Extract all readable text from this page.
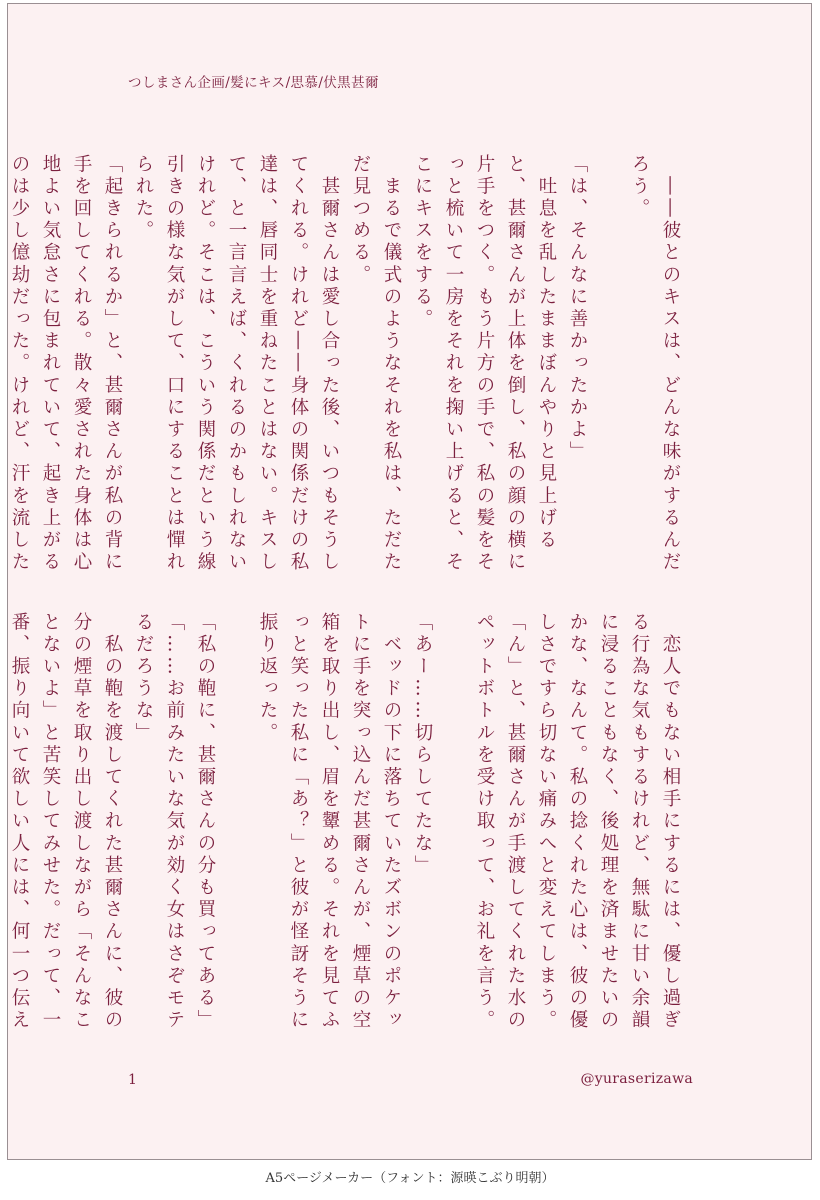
つしまさん企画/髪にキス/思慕/伏黒甚爾
　――彼とのキスは、どんな味がするんだろう。

「は、そんなに善かったかよ」
　吐息を乱したままぼんやりと見上げると、甚爾さんが上体を倒し、私の顔の横に片手をつく。もう片方の手で、私の髪をそっと梳いて一房をそれを掬い上げると、そこにキスをする。
　まるで儀式のようなそれを私は、ただただ見つめる。
　甚爾さんは愛し合った後、いつもそうしてくれる。けれど――身体の関係だけの私達は、唇同士を重ねたことはない。キスして、と一言言えば、くれるのかもしれないけれど。そこは、こういう関係だという線引きの様な気がして、口にすることは憚れられた。
「起きられるか」と、甚爾さんが私の背に手を回してくれる。散々愛された身体は心地よい気怠さに包まれていて、起き上がるのは少し億劫だった。けれど、汗を流した
　恋人でもない相手にするには、優し過ぎる行為な気もするけれど、無駄に甘い余韻に浸ることもなく、後処理を済ませたいのかな、なんて。私の捻くれた心は、彼の優しさですら切ない痛みへと変えてしまう。
「ん」と、甚爾さんが手渡してくれた水のペットボトルを受け取って、お礼を言う。

「あー……切らしてたな」
　ベッドの下に落ちていたズボンのポケットに手を突っ込んだ甚爾さんが、煙草の空箱を取り出し、眉を顰める。それを見てふっと笑った私に「あ？」と彼が怪訝そうに振り返った。

「私の鞄に、甚爾さんの分も買ってある」
「……お前みたいな気が効く女はさぞモテるだろうな」
　私の鞄を渡してくれた甚爾さんに、彼の分の煙草を取り出し渡しながら「そんなことないよ」と苦笑してみせた。だって、一番、振り向いて欲しい人には、何一つ伝え
1	@yuraserizawa
A5ページメーカー（フォント：源暎こぶり明朝）
